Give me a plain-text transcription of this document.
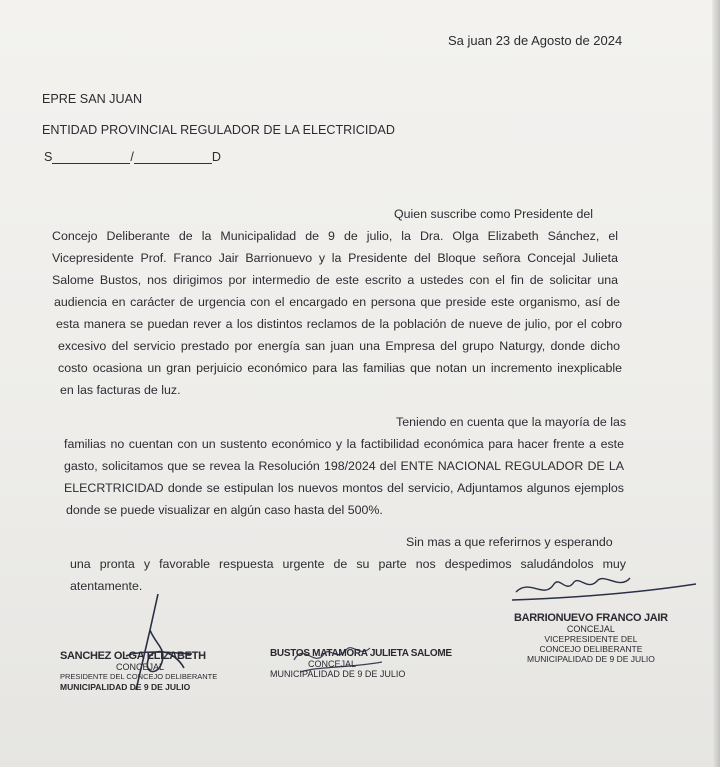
Sa juan 23 de Agosto de 2024

EPRE SAN JUAN

ENTIDAD PROVINCIAL REGULADOR DE LA ELECTRICIDAD

S	/	D

Quien suscribe como Presidente del

Concejo Deliberante de la Municipalidad de 9 de julio, la Dra. Olga Elizabeth Sánchez, el

Vicepresidente Prof. Franco Jair Barrionuevo y la Presidente del Bloque señora Concejal Julieta

Salome Bustos, nos dirigimos por intermedio de este escrito a ustedes con el fin de solicitar una

audiencia en carácter de urgencia con el encargado en persona que preside este organismo, así de

esta manera se puedan rever a los distintos reclamos de la población de nueve de julio, por el cobro

excesivo del servicio prestado por energía san juan una Empresa del grupo Naturgy, donde dicho

costo ocasiona un gran perjuicio económico para las familias que notan un incremento inexplicable

en las facturas de luz.

Teniendo en cuenta que la mayoría de las

familias no cuentan con un sustento económico y la factibilidad económica para hacer frente a este

gasto, solicitamos que se revea la Resolución 198/2024 del ENTE NACIONAL REGULADOR DE LA

ELECRTRICIDAD donde se estipulan los nuevos montos del servicio, Adjuntamos algunos ejemplos

donde se puede visualizar en algún caso hasta del 500%.

Sin mas a que referirnos y esperando

una pronta y favorable respuesta urgente de su parte nos despedimos saludándolos muy

atentamente.

SANCHEZ OLGA ELIZABETH
CONCEJAL
PRESIDENTE DEL CONCEJO DELIBERANTE
MUNICIPALIDAD DE 9 DE JULIO
BUSTOS MATAMORA JULIETA SALOME
CONCEJAL
MUNICIPALIDAD DE 9 DE JULIO
BARRIONUEVO FRANCO JAIR
CONCEJAL
VICEPRESIDENTE DEL
CONCEJO DELIBERANTE
MUNICIPALIDAD DE 9 DE JULIO
